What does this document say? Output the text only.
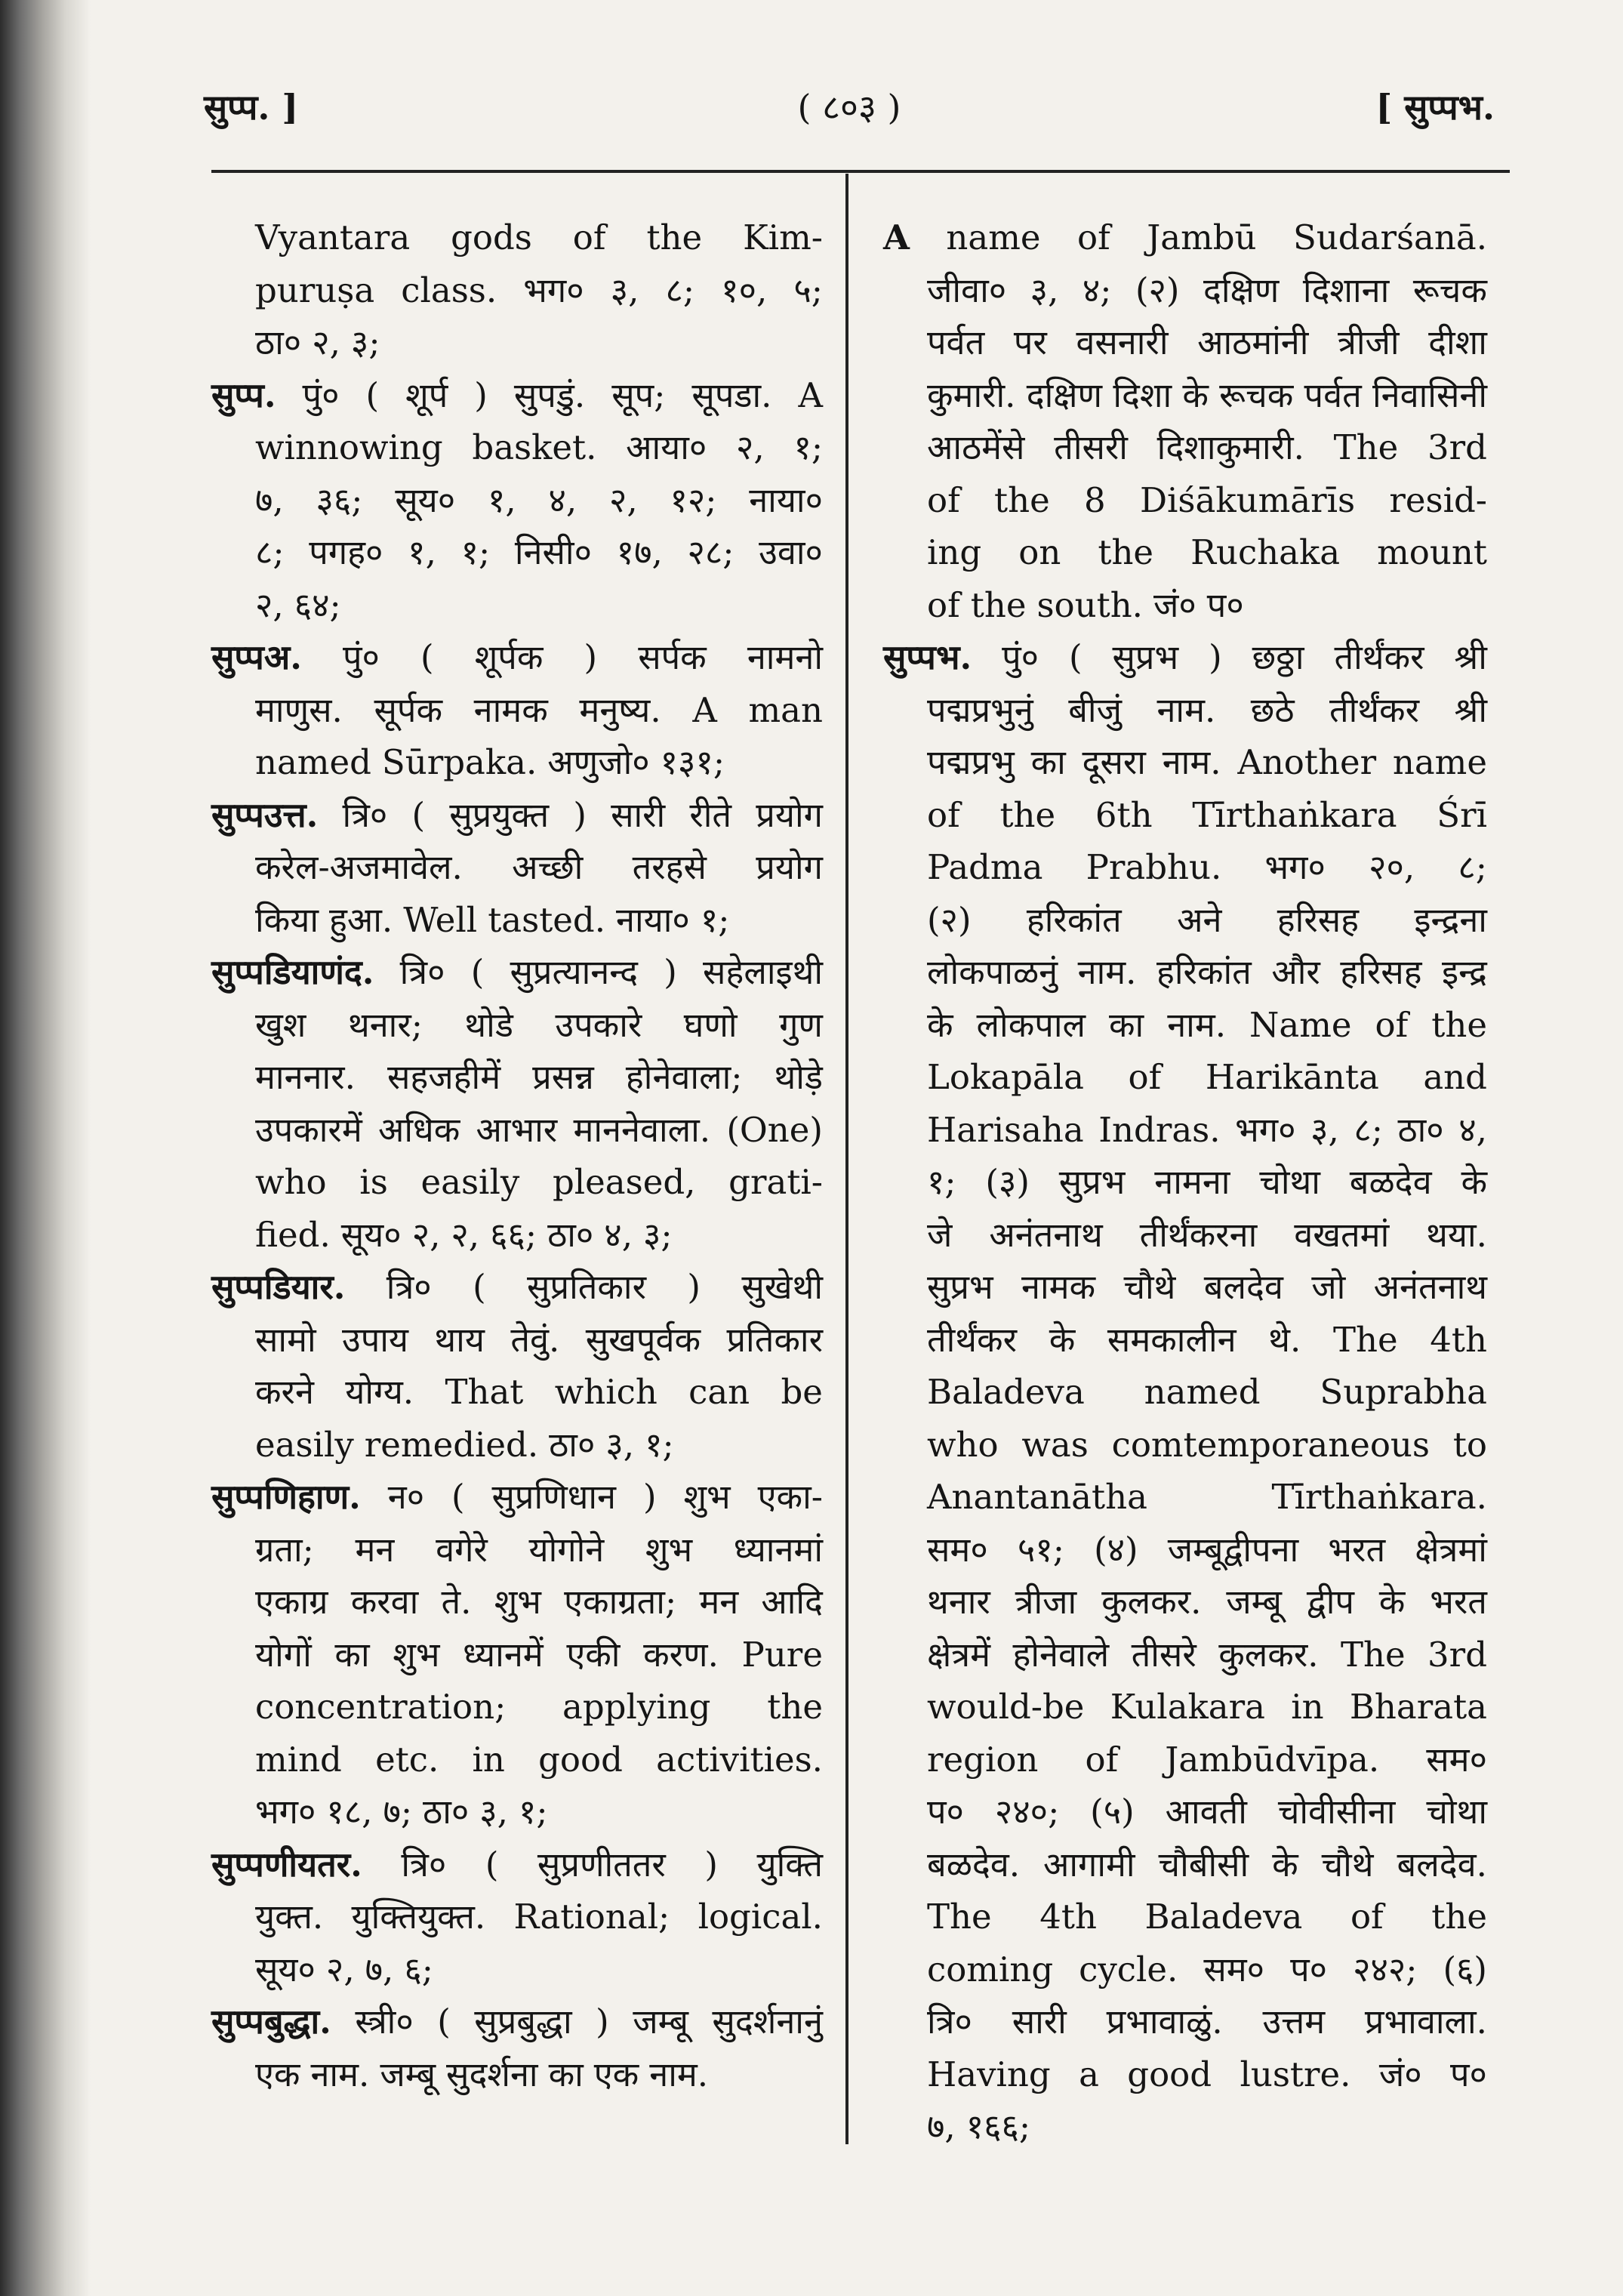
सुप्प. ]	( ८०३ )	[ सुप्पभ.
Vyantara gods of the Kim-
puruṣa class. भग० ३, ८; १०, ५;
ठा० २, ३;
सुप्प. पुं० ( शूर्प ) सुपडुं. सूप; सूपडा. A
winnowing basket. आया० २, १;
७, ३६; सूय० १, ४, २, १२; नाया०
८; पगह० १, १; निसी० १७, २८; उवा०
२, ६४;
सुप्पअ. पुं० ( शूर्पक ) सर्पक नामनो
माणुस. सूर्पक नामक मनुष्य. A man
named Sūrpaka. अणुजो० १३१;
सुप्पउत्त. त्रि० ( सुप्रयुक्त ) सारी रीते प्रयोग
करेल-अजमावेल. अच्छी तरहसे प्रयोग
किया हुआ. Well tasted. नाया० १;
सुप्पडियाणंद. त्रि० ( सुप्रत्यानन्द ) सहेलाइथी
खुश थनार; थोडे उपकारे घणो गुण
माननार. सहजहीमें प्रसन्न होनेवाला; थोड़े
उपकारमें अधिक आभार माननेवाला. (One)
who is easily pleased, grati-
fied. सूय० २, २, ६६; ठा० ४, ३;
सुप्पडियार. त्रि० ( सुप्रतिकार ) सुखेथी
सामो उपाय थाय तेवुं. सुखपूर्वक प्रतिकार
करने योग्य. That which can be
easily remedied. ठा० ३, १;
सुप्पणिहाण. न० ( सुप्रणिधान ) शुभ एका-
ग्रता; मन वगेरे योगोने शुभ ध्यानमां
एकाग्र करवा ते. शुभ एकाग्रता; मन आदि
योगों का शुभ ध्यानमें एकी करण. Pure
concentration; applying the
mind etc. in good activities.
भग० १८, ७; ठा० ३, १;
सुप्पणीयतर. त्रि० ( सुप्रणीततर ) युक्ति
युक्त. युक्तियुक्त. Rational; logical.
सूय० २, ७, ६;
सुप्पबुद्धा. स्त्री० ( सुप्रबुद्धा ) जम्बू सुदर्शनानुं
एक नाम. जम्बू सुदर्शना का एक नाम.
A name of Jambū Sudarśanā.
जीवा० ३, ४; (२) दक्षिण दिशाना रूचक
पर्वत पर वसनारी आठमांनी त्रीजी दीशा
कुमारी. दक्षिण दिशा के रूचक पर्वत निवासिनी
आठमेंसे तीसरी दिशाकुमारी. The 3rd
of the 8 Diśākumārīs resid-
ing on the Ruchaka mount
of the south. जं० प०
सुप्पभ. पुं० ( सुप्रभ ) छठ्ठा तीर्थंकर श्री
पद्मप्रभुनुं बीजुं नाम. छठे तीर्थंकर श्री
पद्मप्रभु का दूसरा नाम. Another name
of the 6th Tīrthaṅkara Śrī
Padma Prabhu. भग० २०, ८;
(२) हरिकांत अने हरिसह इन्द्रना
लोकपाळनुं नाम. हरिकांत और हरिसह इन्द्र
के लोकपाल का नाम. Name of the
Lokapāla of Harikānta and
Harisaha Indras. भग० ३, ८; ठा० ४,
१; (३) सुप्रभ नामना चोथा बळदेव के
जे अनंतनाथ तीर्थंकरना वखतमां थया.
सुप्रभ नामक चौथे बलदेव जो अनंतनाथ
तीर्थंकर के समकालीन थे. The 4th
Baladeva named Suprabha
who was comtemporaneous to
Anantanātha	Tīrthaṅkara.
सम० ५१; (४) जम्बूद्वीपना भरत क्षेत्रमां
थनार त्रीजा कुलकर. जम्बू द्वीप के भरत
क्षेत्रमें होनेवाले तीसरे कुलकर. The 3rd
would-be Kulakara in Bharata
region of Jambūdvīpa. सम०
प० २४०; (५) आवती चोवीसीना चोथा
बळदेव. आगामी चौबीसी के चौथे बलदेव.
The 4th Baladeva of the
coming cycle. सम० प० २४२; (६)
त्रि० सारी प्रभावाळुं. उत्तम प्रभावाला.
Having a good lustre. जं० प०
७, १६६;
